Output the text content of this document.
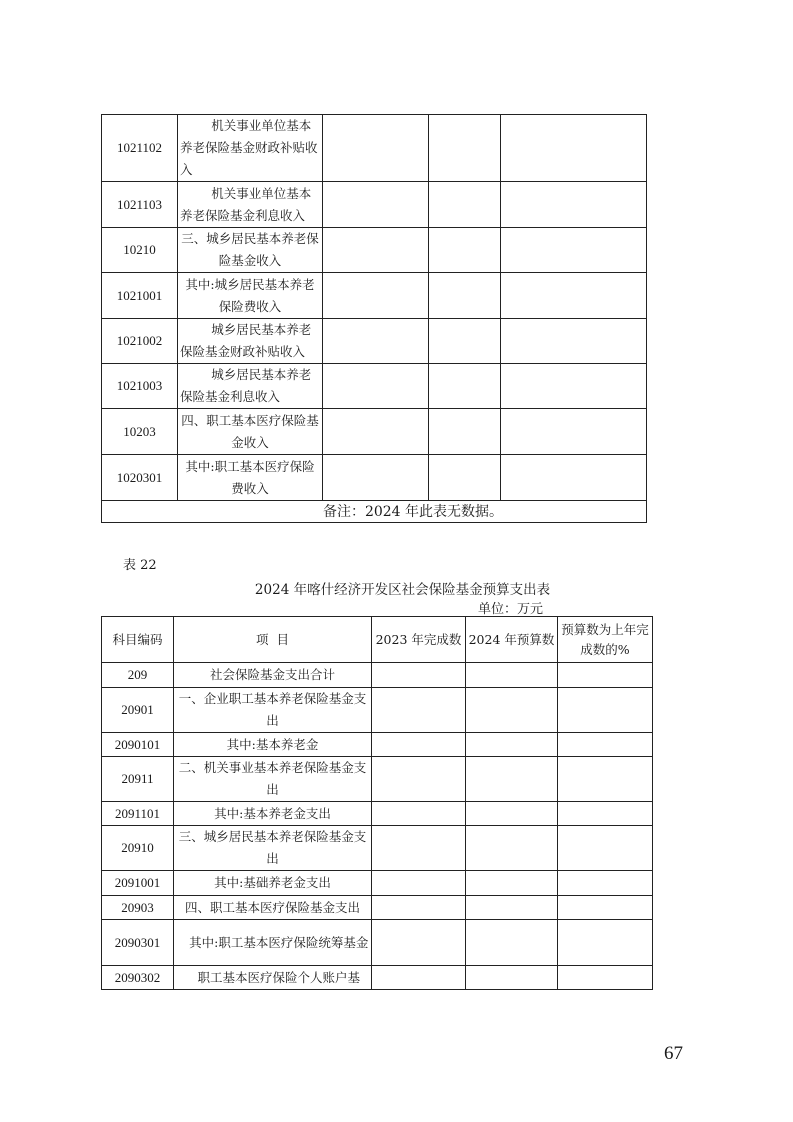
1021102	机关事业单位基本养老保险基金财政补贴收入			
1021103	机关事业单位基本养老保险基金利息收入			
10210	三、城乡居民基本养老保险基金收入			
1021001	其中:城乡居民基本养老保险费收入			
1021002	城乡居民基本养老保险基金财政补贴收入			
1021003	城乡居民基本养老保险基金利息收入			
10203	四、职工基本医疗保险基金收入			
1020301	其中:职工基本医疗保险费收入			
备注：2024 年此表无数据。				
表 22
2024 年喀什经济开发区社会保险基金预算支出表
单位：万元
科目编码	项  目	2023 年完成数	2024 年预算数	预算数为上年完成数的%
209	社会保险基金支出合计			
20901	一、企业职工基本养老保险基金支出			
2090101	其中:基本养老金			
20911	二、机关事业基本养老保险基金支出			
2091101	其中:基本养老金支出			
20910	三、城乡居民基本养老保险基金支出			
2091001	其中:基础养老金支出			
20903	四、职工基本医疗保险基金支出			
2090301	其中:职工基本医疗保险统筹基金			
2090302	职工基本医疗保险个人账户基			
67
